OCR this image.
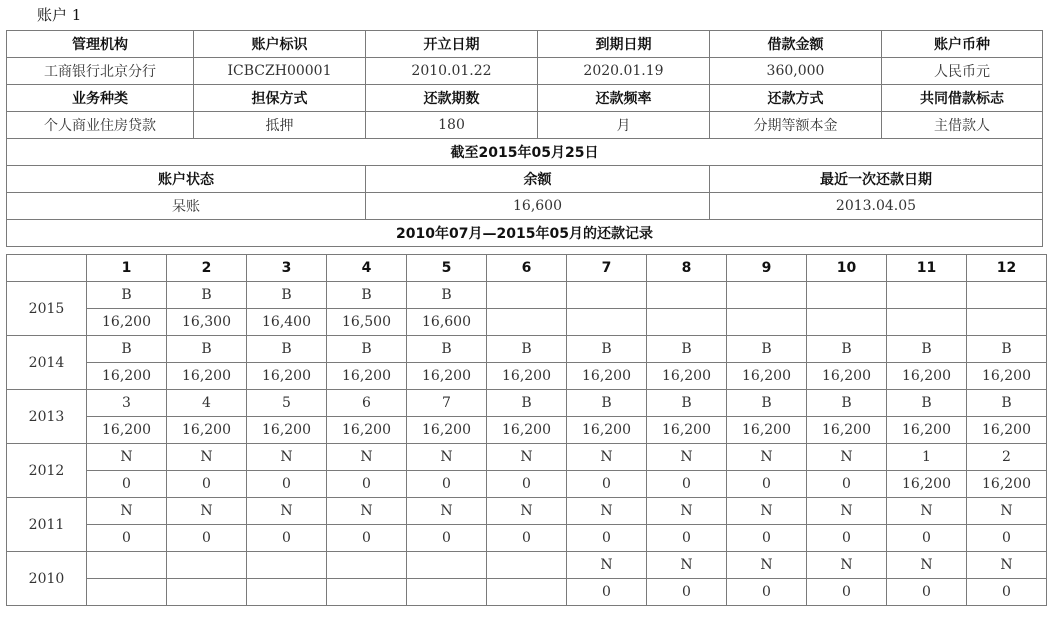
账户 1
管理机构	账户标识	开立日期	到期日期	借款金额	账户币种
工商银行北京分行	ICBCZH00001	2010.01.22	2020.01.19	360,000	人民币元
业务种类	担保方式	还款期数	还款频率	还款方式	共同借款标志
个人商业住房贷款	抵押	180	月	分期等额本金	主借款人
截至2015年05月25日					
账户状态		余额		最近一次还款日期	
呆账		16,600		2013.04.05	
2010年07月—2015年05月的还款记录					
	1	2	3	4	5	6	7	8	9	10	11	12
2015	B	B	B	B	B							
	16,200	16,300	16,400	16,500	16,600							
2014	B	B	B	B	B	B	B	B	B	B	B	B
	16,200	16,200	16,200	16,200	16,200	16,200	16,200	16,200	16,200	16,200	16,200	16,200
2013	3	4	5	6	7	B	B	B	B	B	B	B
	16,200	16,200	16,200	16,200	16,200	16,200	16,200	16,200	16,200	16,200	16,200	16,200
2012	N	N	N	N	N	N	N	N	N	N	1	2
	0	0	0	0	0	0	0	0	0	0	16,200	16,200
2011	N	N	N	N	N	N	N	N	N	N	N	N
	0	0	0	0	0	0	0	0	0	0	0	0
2010							N	N	N	N	N	N
							0	0	0	0	0	0
